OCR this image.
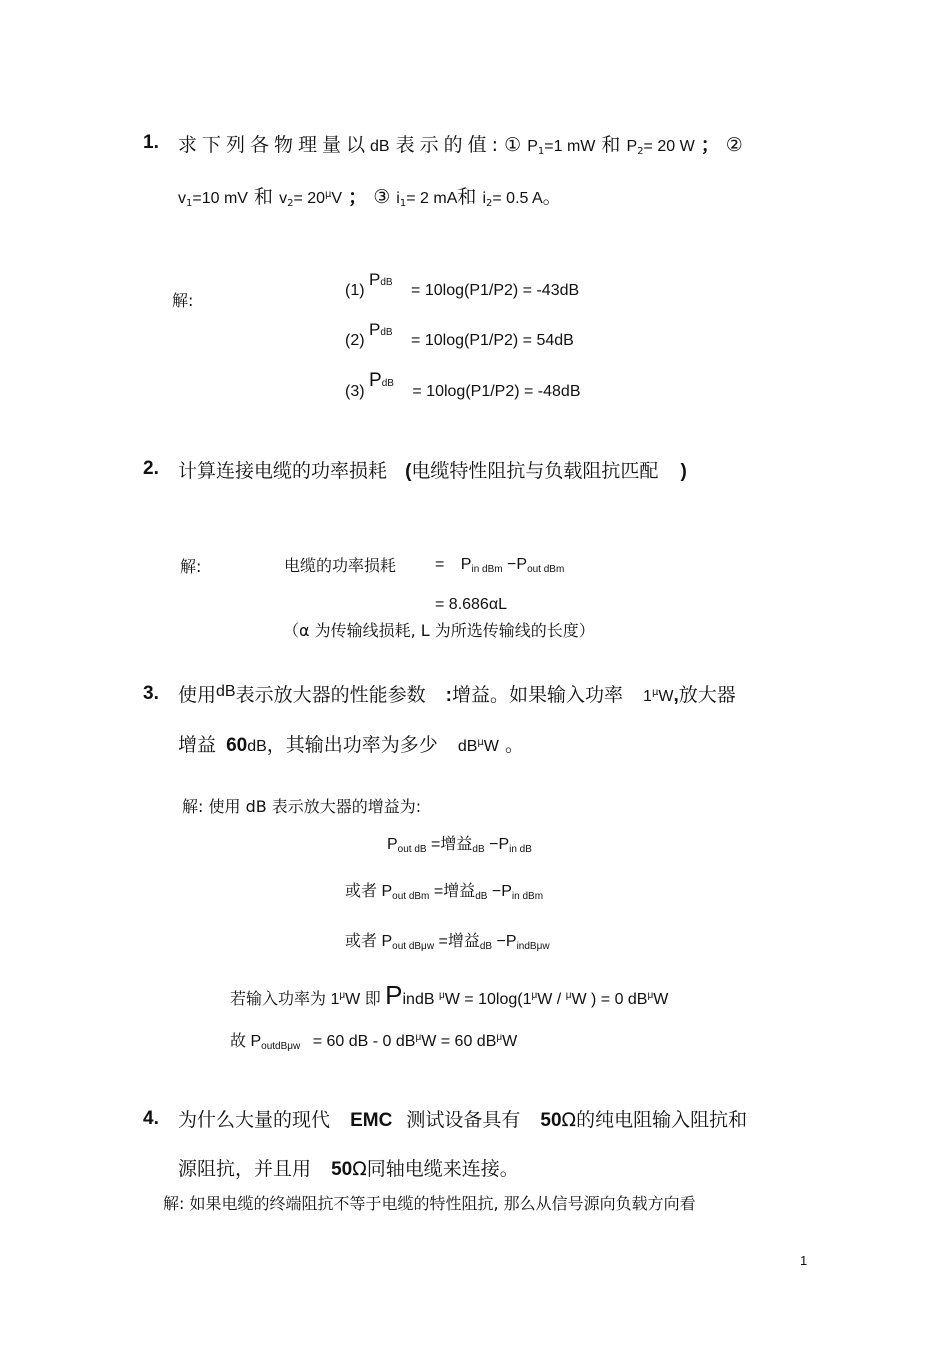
1. 求下列各物理量以dB 表示的值: ① $P_1=1$ mW 和 $P_2= 20$ W ； ②
$v_1=10$ mV 和 $v_2= 20^\mu V$ ； ③ $i_1= 2$ mA和 $i_2= 0.5$ A。
解:
(1) $P^{dB} = 10\log(P1/P2) = -43dB$
(2) $P^{dB} = 10\log(P1/P2) = 54dB$
(3) $P^{dB} = 10\log(P1/P2) = -48dB$
2. 计算连接电缆的功率损耗 (电缆特性阻抗与负载阻抗匹配 )
解:	电缆的功率损耗 = $P_{in dBm} -P_{out dBm}$
= 8.686αL
（α 为传输线损耗, L 为所选传输线的长度）
3. 使用$^{dB}$表示放大器的性能参数 :增益。如果输入功率 $1^\mu W$,放大器
增益 60dB，其输出功率为多少 $dB^\mu W$ 。
解: 使用 dB 表示放大器的增益为:
$P_{out dB}$ =增益$_{dB} -P_{in dB}$
或者 $P_{out dBm}$ =增益$_{dB} -P_{in dBm}$
或者 $P_{out dB\mu w}$ =增益$_{dB} -P_{indB\mu w}$
若输入功率为 $1^\mu W$ 即 PindB $^\mu W = 10\log(1^\mu W / ^\mu W$ ) = 0 $dB^\mu W$
故 $P_{outdB\mu w} = 60$ dB - 0 $dB^\mu W = 60$ $dB^\mu W$
4. 为什么大量的现代 EMC 测试设备具有 50Ω的纯电阻输入阻抗和
源阻抗，并且用 50Ω同轴电缆来连接。
解: 如果电缆的终端阻抗不等于电缆的特性阻抗, 那么从信号源向负载方向看
1
